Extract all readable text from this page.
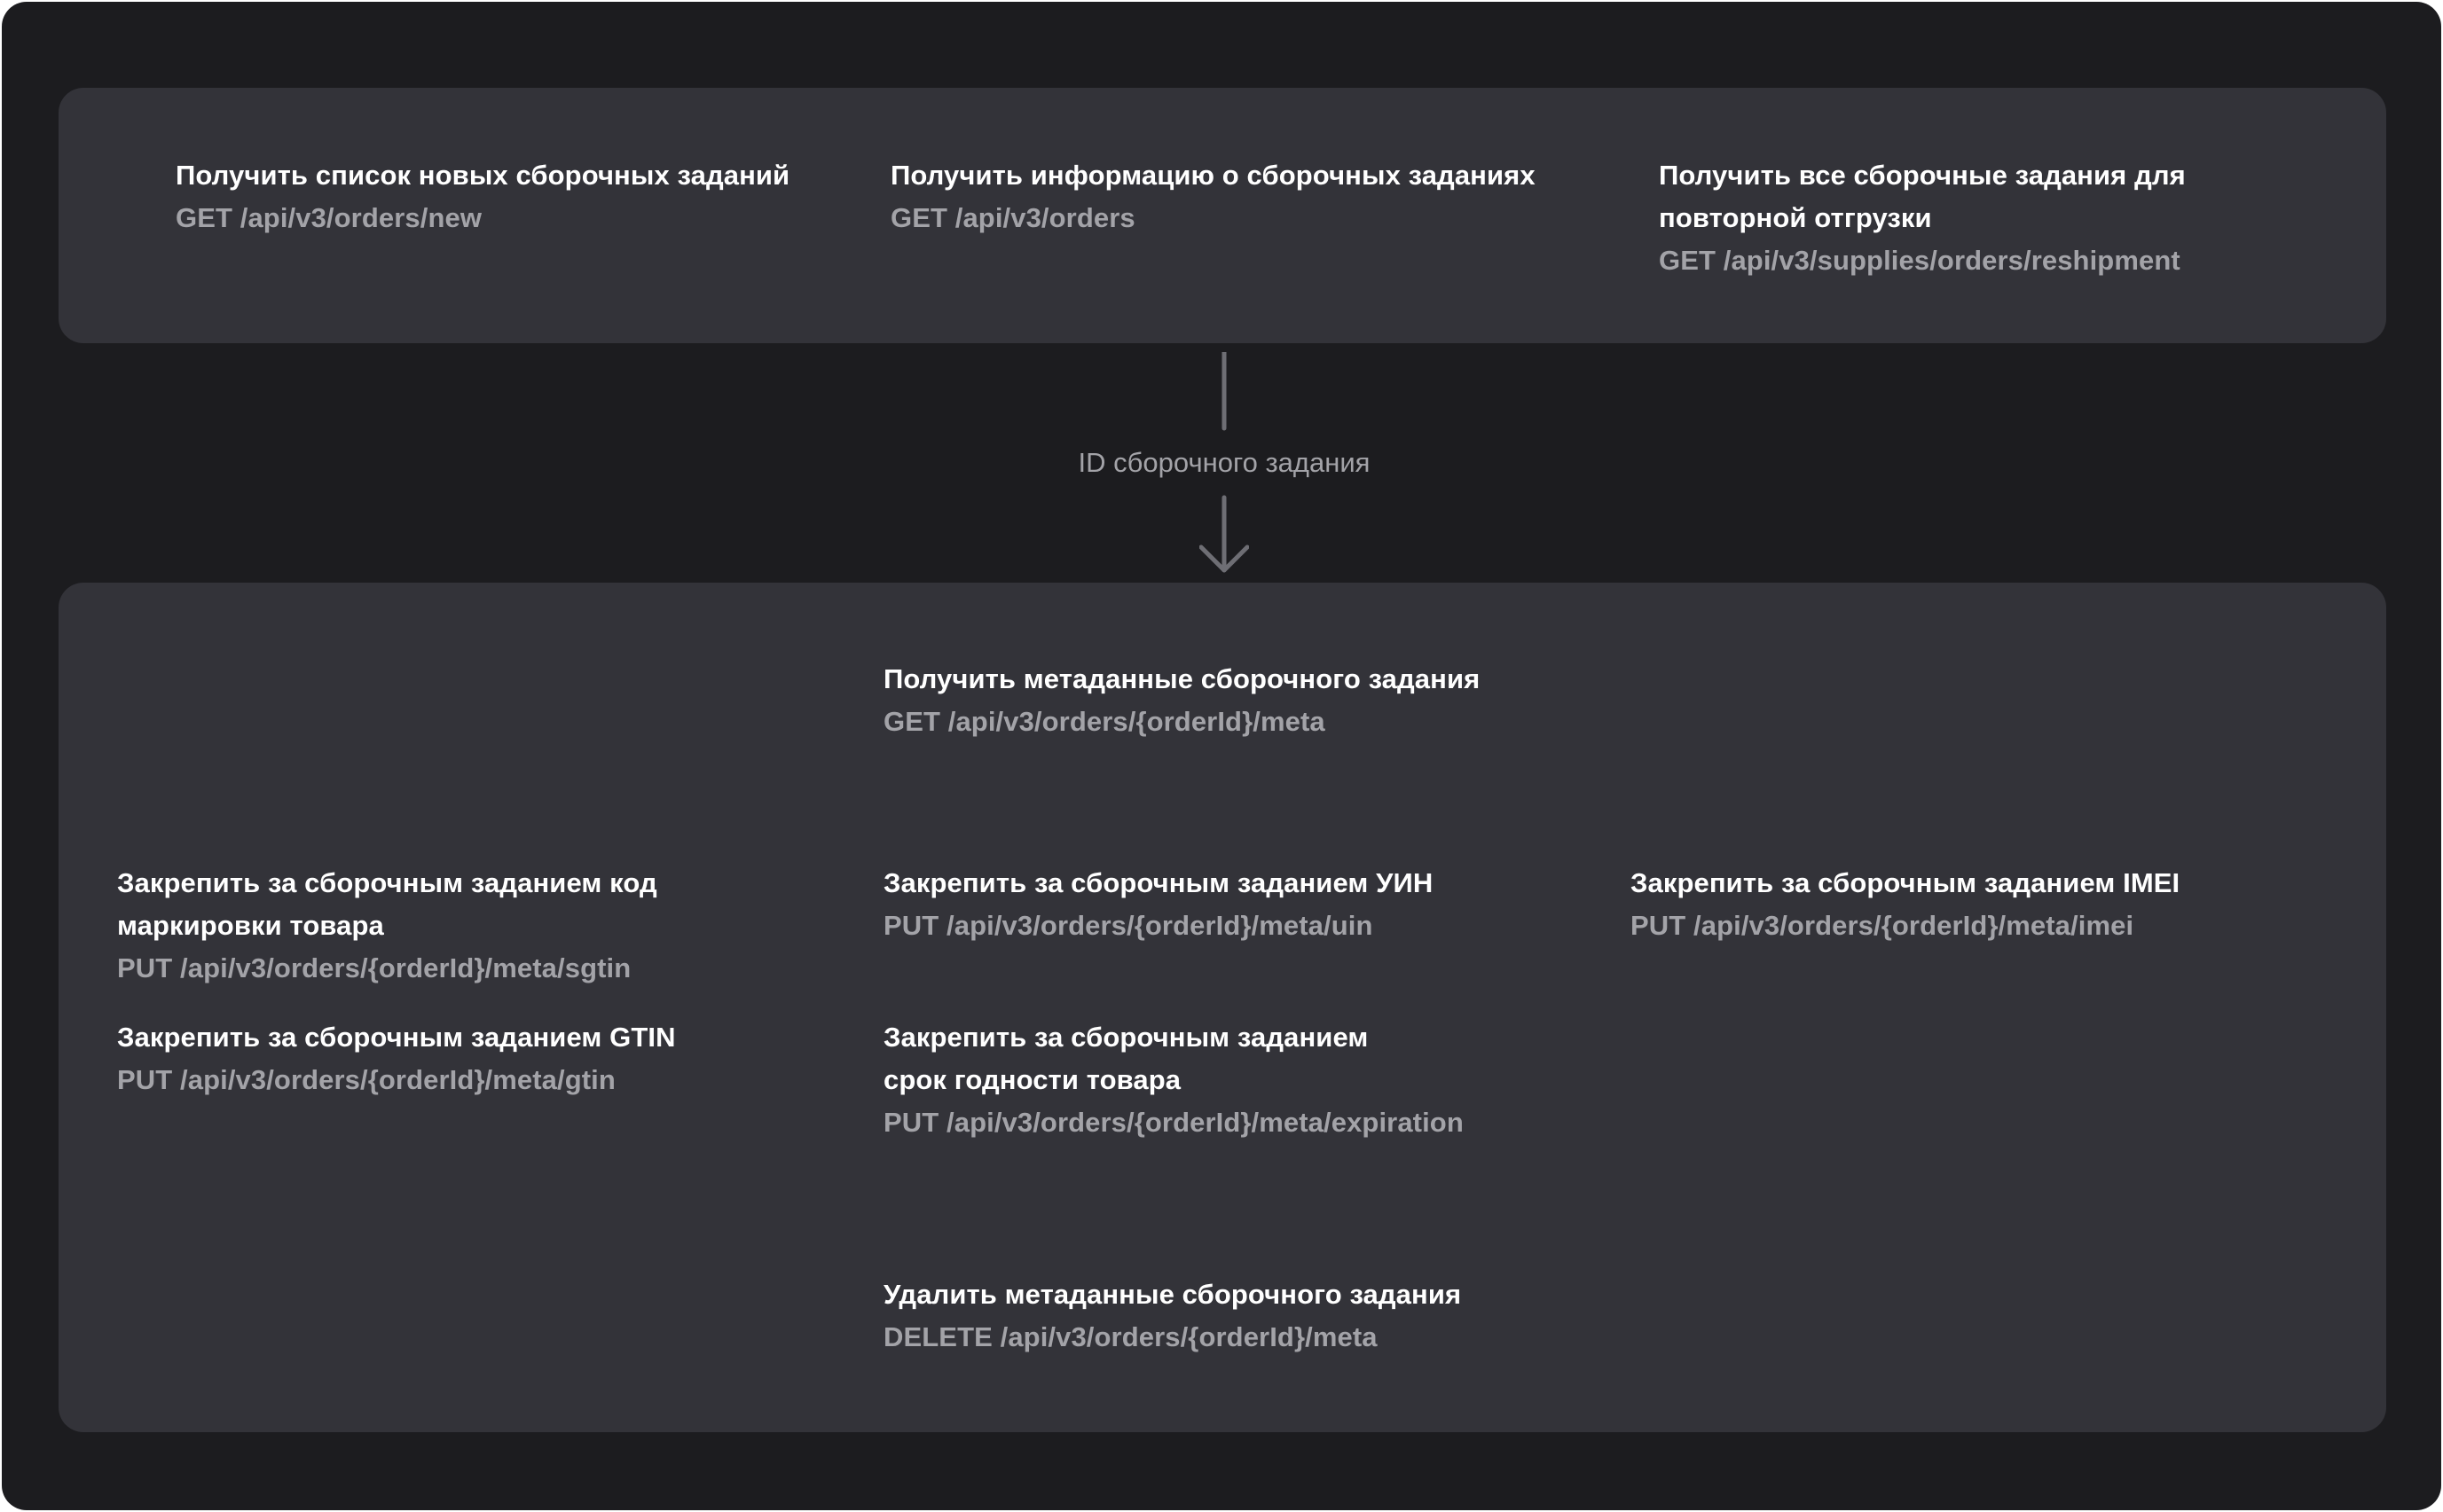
Получить список новых сборочных заданий
GET /api/v3/orders/new
Получить информацию о сборочных заданиях
GET /api/v3/orders
Получить все сборочные задания для
повторной отгрузки
GET /api/v3/supplies/orders/reshipment
ID сборочного задания
Получить метаданные сборочного задания
GET /api/v3/orders/{orderId}/meta
Закрепить за сборочным заданием код
маркировки товара
PUT /api/v3/orders/{orderId}/meta/sgtin
Закрепить за сборочным заданием GTIN
PUT /api/v3/orders/{orderId}/meta/gtin
Закрепить за сборочным заданием УИН
PUT /api/v3/orders/{orderId}/meta/uin
Закрепить за сборочным заданием
срок годности товара
PUT /api/v3/orders/{orderId}/meta/expiration
Закрепить за сборочным заданием IMEI
PUT /api/v3/orders/{orderId}/meta/imei
Удалить метаданные сборочного задания
DELETE /api/v3/orders/{orderId}/meta
